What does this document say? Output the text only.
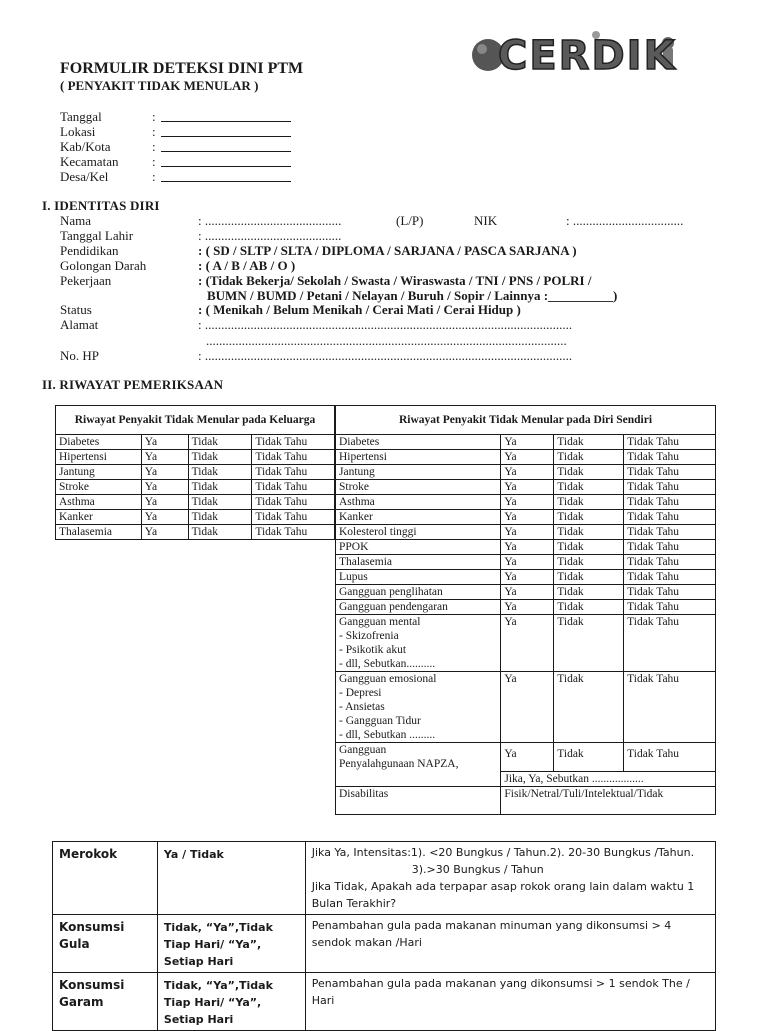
FORMULIR DETEKSI DINI PTM
( PENYAKIT TIDAK MENULAR )
CERDIK
Tanggal	:
Lokasi	:
Kab/Kota	:
Kecamatan	:
Desa/Kel	:
I. IDENTITAS DIRI
Nama	: ..........................................	(L/P)	NIK	: ..................................
Tanggal Lahir	: ..........................................
Pendidikan	: ( SD / SLTP / SLTA / DIPLOMA / SARJANA / PASCA SARJANA )
Golongan Darah	: ( A / B / AB / O )
Pekerjaan	: (Tidak Bekerja/ Sekolah / Swasta / Wiraswasta / TNI / PNS / POLRI /
BUMN / BUMD / Petani / Nelayan / Buruh / Sopir / Lainnya :__________)
Status	: ( Menikah / Belum Menikah / Cerai Mati / Cerai Hidup )
Alamat	: .................................................................................................................
...............................................................................................................
No. HP	: .................................................................................................................
II. RIWAYAT PEMERIKSAAN
Riwayat Penyakit Tidak Menular pada Keluarga			
Diabetes	Ya	Tidak	Tidak Tahu
Hipertensi	Ya	Tidak	Tidak Tahu
Jantung	Ya	Tidak	Tidak Tahu
Stroke	Ya	Tidak	Tidak Tahu
Asthma	Ya	Tidak	Tidak Tahu
Kanker	Ya	Tidak	Tidak Tahu
Thalasemia	Ya	Tidak	Tidak Tahu
Riwayat Penyakit Tidak Menular pada Diri Sendiri			
Diabetes	Ya	Tidak	Tidak Tahu
Hipertensi	Ya	Tidak	Tidak Tahu
Jantung	Ya	Tidak	Tidak Tahu
Stroke	Ya	Tidak	Tidak Tahu
Asthma	Ya	Tidak	Tidak Tahu
Kanker	Ya	Tidak	Tidak Tahu
Kolesterol tinggi	Ya	Tidak	Tidak Tahu
PPOK	Ya	Tidak	Tidak Tahu
Thalasemia	Ya	Tidak	Tidak Tahu
Lupus	Ya	Tidak	Tidak Tahu
Gangguan penglihatan	Ya	Tidak	Tidak Tahu
Gangguan pendengaran	Ya	Tidak	Tidak Tahu

Gangguan mental
- Skizofrenia
- Psikotik akut
- dll, Sebutkan..........	Ya	Tidak	Tidak Tahu

Gangguan emosional
- Depresi
- Ansietas
- Gangguan Tidur
- dll, Sebutkan .........	Ya	Tidak	Tidak Tahu

Gangguan
Penyalahgunaan NAPZA,	Ya	Tidak	Tidak Tahu
	Jika, Ya, Sebutkan ..................		
Disabilitas	Fisik/Netral/Tuli/Intelektual/Tidak		
Merokok	Ya / Tidak	Jika Ya, Intensitas:1). <20 Bungkus / Tahun.2). 20-30 Bungkus /Tahun.
3).>30 Bungkus / Tahun
Jika Tidak, Apakah ada terpapar asap rokok orang lain dalam waktu 1
Bulan Terakhir?

Konsumsi Gula	Tidak, “Ya”,Tidak Tiap Hari/ “Ya”, Setiap Hari	Penambahan gula pada makanan minuman yang dikonsumsi > 4
sendok makan /Hari

Konsumsi Garam	Tidak, “Ya”,Tidak Tiap Hari/ “Ya”, Setiap Hari	Penambahan gula pada makanan yang dikonsumsi > 1 sendok The /
Hari
